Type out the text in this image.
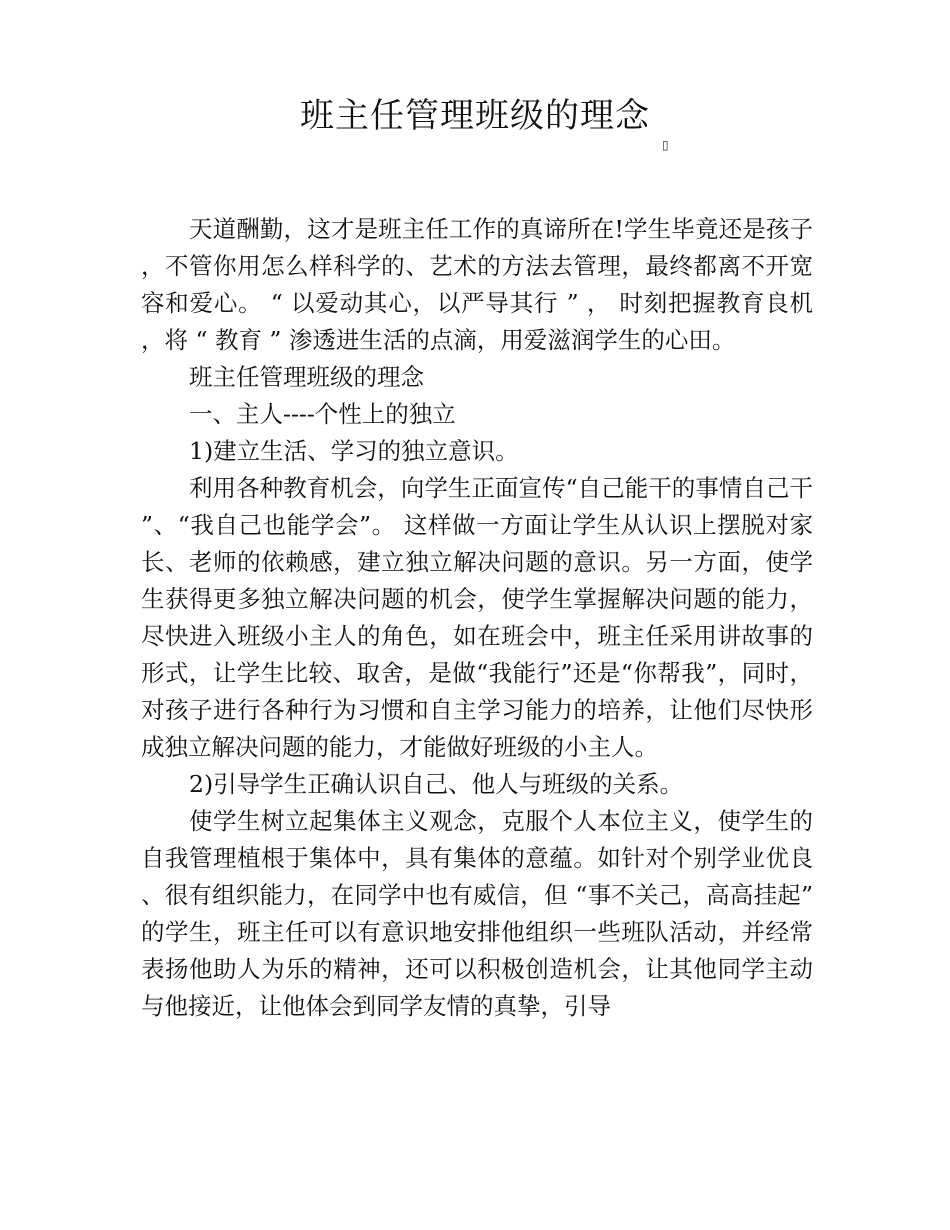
班主任管理班级的理念
▯

天道酬勤，这才是班主任工作的真谛所在!学生毕竟还是孩子，不管你用怎么样科学的、艺术的方法去管理，最终都离不开宽容和爱心。 “ 以爱动其心，以严导其行 ” ， 时刻把握教育良机，将 “ 教育 ” 渗透进生活的点滴，用爱滋润学生的心田。

班主任管理班级的理念

一、主人----个性上的独立

1)建立生活、学习的独立意识。

利用各种教育机会，向学生正面宣传“自己能干的事情自己干”、“我自己也能学会”。 这样做一方面让学生从认识上摆脱对家长、老师的依赖感，建立独立解决问题的意识。另一方面，使学生获得更多独立解决问题的机会，使学生掌握解决问题的能力，尽快进入班级小主人的角色，如在班会中，班主任采用讲故事的形式，让学生比较、取舍，是做“我能行”还是“你帮我”，同时，对孩子进行各种行为习惯和自主学习能力的培养，让他们尽快形成独立解决问题的能力，才能做好班级的小主人。

2)引导学生正确认识自己、他人与班级的关系。

使学生树立起集体主义观念，克服个人本位主义，使学生的自我管理植根于集体中，具有集体的意蕴。如针对个别学业优良、很有组织能力，在同学中也有威信，但 “事不关己，高高挂起”的学生，班主任可以有意识地安排他组织一些班队活动，并经常表扬他助人为乐的精神，还可以积极创造机会，让其他同学主动与他接近，让他体会到同学友情的真挚，引导
